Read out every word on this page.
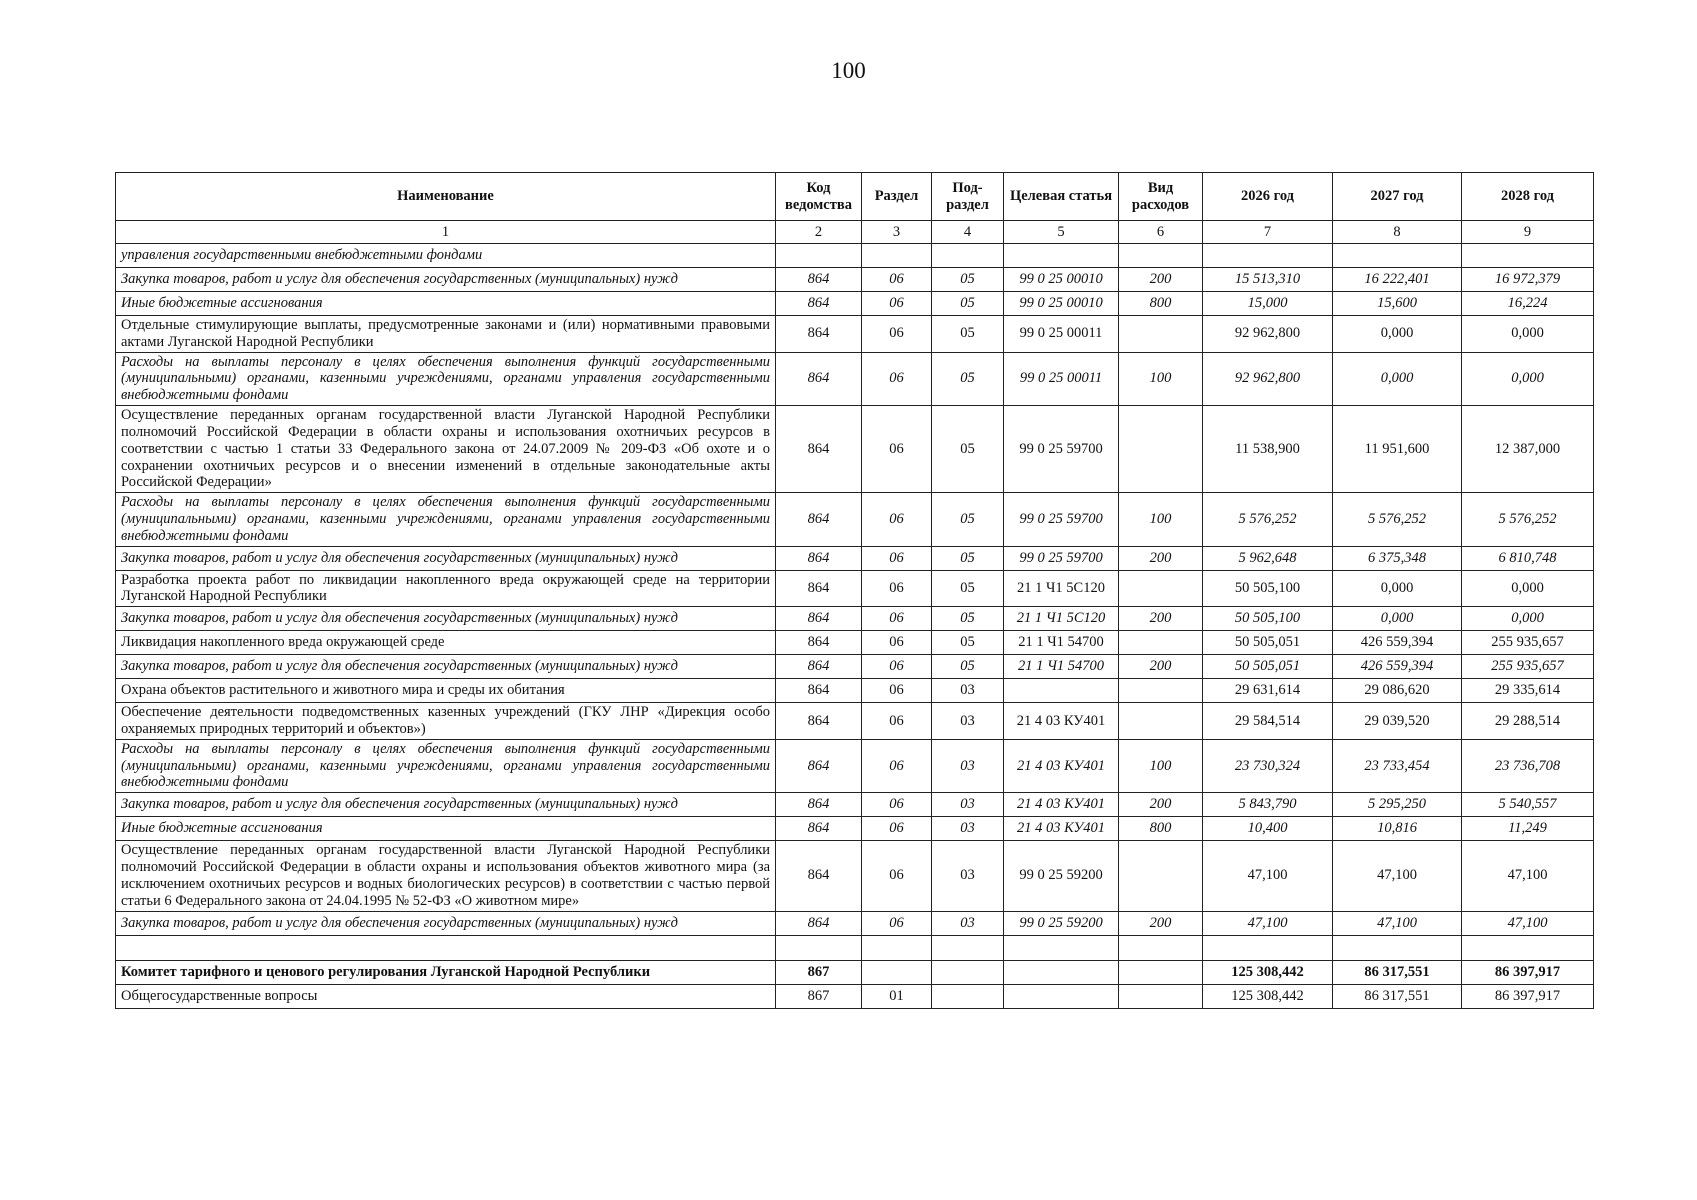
100
Наименование	Код ведомства	Раздел	Под-раздел	Целевая статья	Вид расходов	2026 год	2027 год	2028 год
1	2	3	4	5	6	7	8	9
управления государственными внебюджетными фондами								
Закупка товаров, работ и услуг для обеспечения государственных (муниципальных) нужд	864	06	05	99 0 25 00010	200	15 513,310	16 222,401	16 972,379
Иные бюджетные ассигнования	864	06	05	99 0 25 00010	800	15,000	15,600	16,224
Отдельные стимулирующие выплаты, предусмотренные законами и (или) нормативными правовыми актами Луганской Народной Республики	864	06	05	99 0 25 00011		92 962,800	0,000	0,000
Расходы на выплаты персоналу в целях обеспечения выполнения функций государственными (муниципальными) органами, казенными учреждениями, органами управления государственными внебюджетными фондами	864	06	05	99 0 25 00011	100	92 962,800	0,000	0,000
Осуществление переданных органам государственной власти Луганской Народной Республики полномочий Российской Федерации в области охраны и использования охотничьих ресурсов в соответствии с частью 1 статьи 33 Федерального закона от 24.07.2009 № 209-ФЗ «Об охоте и о сохранении охотничьих ресурсов и о внесении изменений в отдельные законодательные акты Российской Федерации»	864	06	05	99 0 25 59700		11 538,900	11 951,600	12 387,000
Расходы на выплаты персоналу в целях обеспечения выполнения функций государственными (муниципальными) органами, казенными учреждениями, органами управления государственными внебюджетными фондами	864	06	05	99 0 25 59700	100	5 576,252	5 576,252	5 576,252
Закупка товаров, работ и услуг для обеспечения государственных (муниципальных) нужд	864	06	05	99 0 25 59700	200	5 962,648	6 375,348	6 810,748
Разработка проекта работ по ликвидации накопленного вреда окружающей среде на территории Луганской Народной Республики	864	06	05	21 1 Ч1 5С120		50 505,100	0,000	0,000
Закупка товаров, работ и услуг для обеспечения государственных (муниципальных) нужд	864	06	05	21 1 Ч1 5С120	200	50 505,100	0,000	0,000
Ликвидация накопленного вреда окружающей среде	864	06	05	21 1 Ч1 54700		50 505,051	426 559,394	255 935,657
Закупка товаров, работ и услуг для обеспечения государственных (муниципальных) нужд	864	06	05	21 1 Ч1 54700	200	50 505,051	426 559,394	255 935,657
Охрана объектов растительного и животного мира и среды их обитания	864	06	03			29 631,614	29 086,620	29 335,614
Обеспечение деятельности подведомственных казенных учреждений (ГКУ ЛНР «Дирекция особо охраняемых природных территорий и объектов»)	864	06	03	21 4 03 КУ401		29 584,514	29 039,520	29 288,514
Расходы на выплаты персоналу в целях обеспечения выполнения функций государственными (муниципальными) органами, казенными учреждениями, органами управления государственными внебюджетными фондами	864	06	03	21 4 03 КУ401	100	23 730,324	23 733,454	23 736,708
Закупка товаров, работ и услуг для обеспечения государственных (муниципальных) нужд	864	06	03	21 4 03 КУ401	200	5 843,790	5 295,250	5 540,557
Иные бюджетные ассигнования	864	06	03	21 4 03 КУ401	800	10,400	10,816	11,249
Осуществление переданных органам государственной власти Луганской Народной Республики полномочий Российской Федерации в области охраны и использования объектов животного мира (за исключением охотничьих ресурсов и водных биологических ресурсов) в соответствии с частью первой статьи 6 Федерального закона от 24.04.1995 № 52-ФЗ «О животном мире»	864	06	03	99 0 25 59200		47,100	47,100	47,100
Закупка товаров, работ и услуг для обеспечения государственных (муниципальных) нужд	864	06	03	99 0 25 59200	200	47,100	47,100	47,100

Комитет тарифного и ценового регулирования Луганской Народной Республики	867					125 308,442	86 317,551	86 397,917
Общегосударственные вопросы	867	01				125 308,442	86 317,551	86 397,917
